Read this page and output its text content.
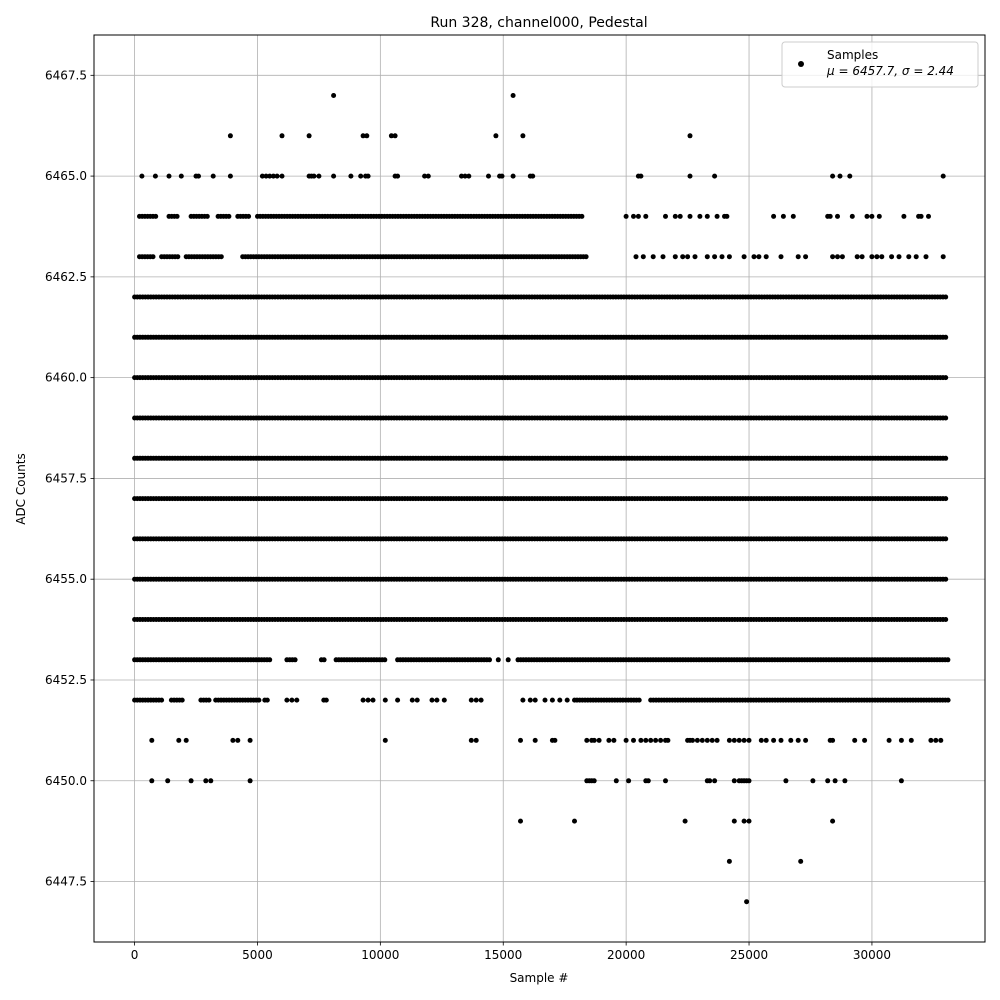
Run 328, channel000, Pedestal
0	5000	10000	15000	20000	25000	30000
6447.5
6450.0
6452.5
6455.0
6457.5
6460.0
6462.5
6465.0
6467.5
Sample #
ADC Counts
Samples
μ = 6457.7, σ = 2.44
